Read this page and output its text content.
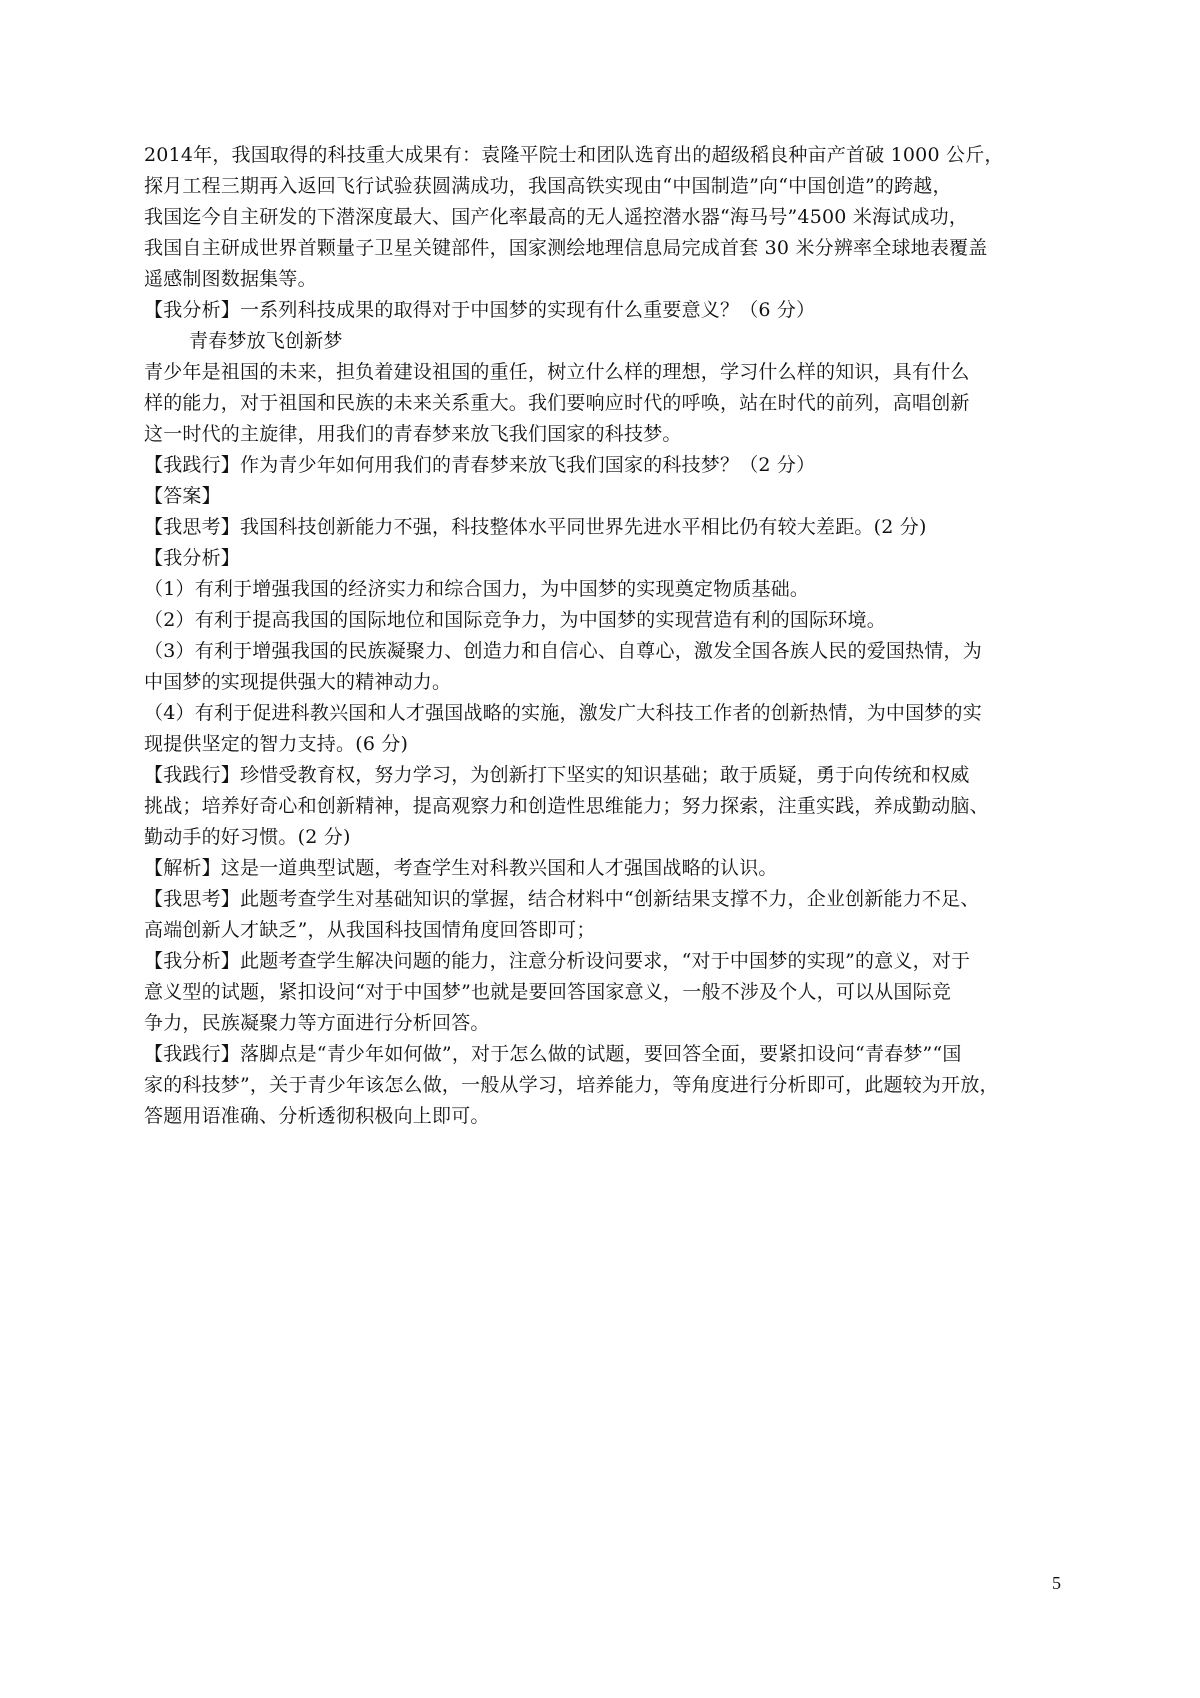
2014年，我国取得的科技重大成果有：袁隆平院士和团队选育出的超级稻良种亩产首破 1000 公斤，
探月工程三期再入返回飞行试验获圆满成功，我国高铁实现由“中国制造”向“中国创造”的跨越，
我国迄今自主研发的下潜深度最大、国产化率最高的无人遥控潜水器“海马号”4500 米海试成功，
我国自主研成世界首颗量子卫星关键部件，国家测绘地理信息局完成首套 30 米分辨率全球地表覆盖
遥感制图数据集等。
【我分析】一系列科技成果的取得对于中国梦的实现有什么重要意义？（6 分）
青春梦放飞创新梦
青少年是祖国的未来，担负着建设祖国的重任，树立什么样的理想，学习什么样的知识，具有什么
样的能力，对于祖国和民族的未来关系重大。我们要响应时代的呼唤，站在时代的前列，高唱创新
这一时代的主旋律，用我们的青春梦来放飞我们国家的科技梦。
【我践行】作为青少年如何用我们的青春梦来放飞我们国家的科技梦？（2 分）
【答案】
【我思考】我国科技创新能力不强，科技整体水平同世界先进水平相比仍有较大差距。(2 分)
【我分析】
（1）有利于增强我国的经济实力和综合国力，为中国梦的实现奠定物质基础。
（2）有利于提高我国的国际地位和国际竞争力，为中国梦的实现营造有利的国际环境。
（3）有利于增强我国的民族凝聚力、创造力和自信心、自尊心，激发全国各族人民的爱国热情，为
中国梦的实现提供强大的精神动力。
（4）有利于促进科教兴国和人才强国战略的实施，激发广大科技工作者的创新热情，为中国梦的实
现提供坚定的智力支持。(6 分)
【我践行】珍惜受教育权，努力学习，为创新打下坚实的知识基础；敢于质疑，勇于向传统和权威
挑战；培养好奇心和创新精神，提高观察力和创造性思维能力；努力探索，注重实践，养成勤动脑、
勤动手的好习惯。(2 分)
【解析】这是一道典型试题，考查学生对科教兴国和人才强国战略的认识。
【我思考】此题考查学生对基础知识的掌握，结合材料中“创新结果支撑不力，企业创新能力不足、
高端创新人才缺乏”，从我国科技国情角度回答即可；
【我分析】此题考查学生解决问题的能力，注意分析设问要求，“对于中国梦的实现”的意义，对于
意义型的试题，紧扣设问“对于中国梦”也就是要回答国家意义，一般不涉及个人，可以从国际竞
争力，民族凝聚力等方面进行分析回答。
【我践行】落脚点是“青少年如何做”，对于怎么做的试题，要回答全面，要紧扣设问“青春梦”“国
家的科技梦”，关于青少年该怎么做，一般从学习，培养能力，等角度进行分析即可，此题较为开放，
答题用语准确、分析透彻积极向上即可。
5
